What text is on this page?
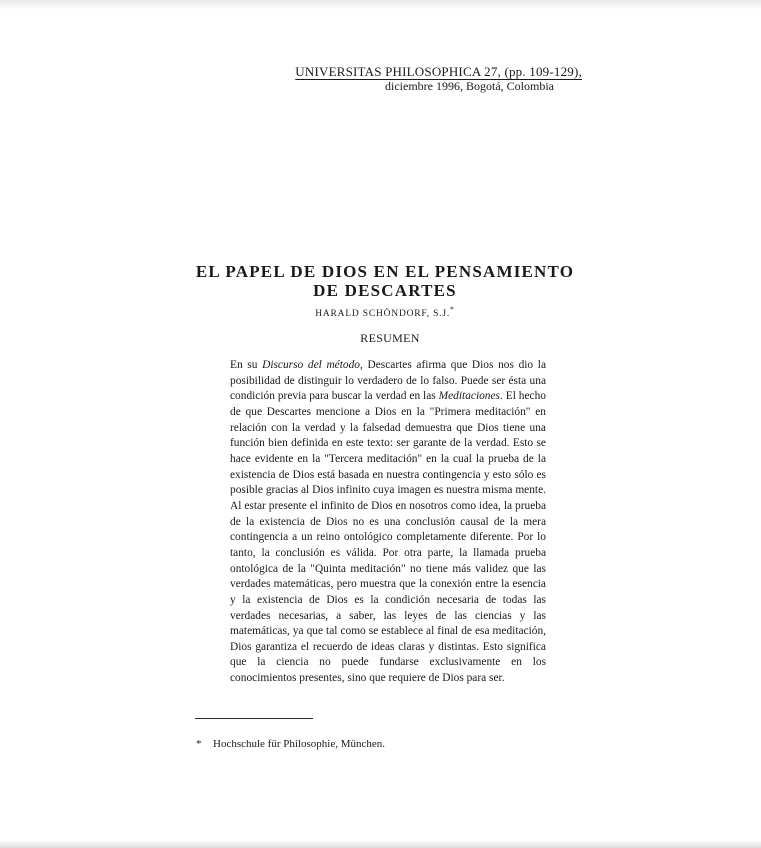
UNIVERSITAS PHILOSOPHICA 27, (pp. 109-129),
diciembre 1996, Bogotá, Colombia
EL PAPEL DE DIOS EN EL PENSAMIENTO
DE DESCARTES
HARALD SCHÖNDORF, S.J.*
RESUMEN
En su Discurso del método, Descartes afirma que Dios nos dio la posibilidad de distinguir lo verdadero de lo falso. Puede ser ésta una condición previa para buscar la verdad en las Meditaciones. El hecho de que Descartes mencione a Dios en la "Primera meditación" en relación con la verdad y la falsedad demuestra que Dios tiene una función bien definida en este texto: ser garante de la verdad. Esto se hace evidente en la "Tercera meditación" en la cual la prueba de la existencia de Dios está basada en nuestra contingencia y esto sólo es posible gracias al Dios infinito cuya imagen es nuestra misma mente. Al estar presente el infinito de Dios en nosotros como idea, la prueba de la existencia de Dios no es una conclusión causal de la mera contingencia a un reino ontológico completamente diferente. Por lo tanto, la conclusión es válida. Por otra parte, la llamada prueba ontológica de la "Quinta meditación" no tiene más validez que las verdades matemáticas, pero muestra que la conexión entre la esencia y la existencia de Dios es la condición necesaria de todas las verdades necesarias, a saber, las leyes de las ciencias y las matemáticas, ya que tal como se establece al final de esa meditación, Dios garantiza el recuerdo de ideas claras y distintas. Esto significa que la ciencia no puede fundarse exclusivamente en los conocimientos presentes, sino que requiere de Dios para ser.
* Hochschule für Philosophie, München.
